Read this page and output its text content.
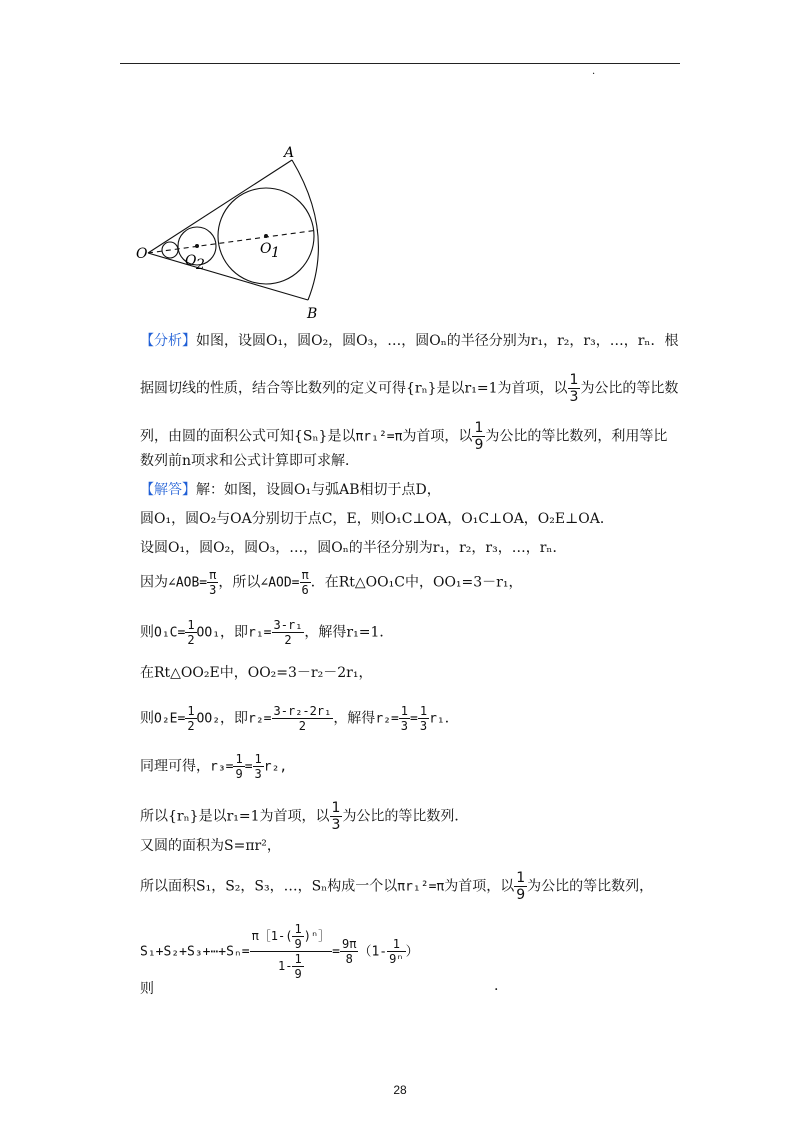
.
A
B
O	O 1
O 2
【分析】如图，设圆O₁，圆O₂，圆O₃，…，圆Oₙ的半径分别为r₁，r₂，r₃，…，rₙ．根
据圆切线的性质，结合等比数列的定义可得{rₙ}是以r₁=1为首项，以 $\frac{1}{3}$ 为公比的等比数
列，由圆的面积公式可知{Sₙ}是以πr₁²=π为首项，以 $\frac{1}{9}$ 为公比的等比数列，利用等比
数列前n项求和公式计算即可求解．
【解答】解：如图，设圆O₁与弧AB相切于点D，
圆O₁，圆O₂与OA分别切于点C，E，则O₁C⊥OA，O₁C⊥OA，O₂E⊥OA．
设圆O₁，圆O₂，圆O₃，…，圆Oₙ的半径分别为r₁，r₂，r₃，…，rₙ．
因为∠AOB= $\frac{\pi}{3}$ ，所以∠AOD= $\frac{\pi}{6}$ ．在Rt△OO₁C中，OO₁=3－r₁，
则$O_1C= \frac{1}{2} OO_1$，即$r_1= \frac{\text{3-r₁}}{2}$ ，解得r₁=1．
在Rt△OO₂E中，OO₂=3－r₂－2r₁，
则$O_2E= \frac{1}{2} OO_2$，即$r_2= \frac{\text{3-r₂-2r₁}}{2}$ ，解得$r_2= \frac{1}{3} = \frac{1}{3} r_1$．
同理可得，$r_3= \frac{1}{9} = \frac{1}{3} r_2$,
所以{rₙ}是以r₁=1为首项，以 $\frac{1}{3}$ 为公比的等比数列．
又圆的面积为S=πr²，
所以面积S₁，S₂，S₃，…，Sₙ构成一个以πr₁²=π为首项，以 $\frac{1}{9}$ 为公比的等比数列，
S₁+S₂+S₃+⋯+Sₙ= $\frac{\pi[1-( \frac{1}{9} )^n]}{1- \frac{1}{9}} = \frac{9\pi}{8} (1- \frac{1}{\text{9ⁿ}}$ ）
则	.
28
